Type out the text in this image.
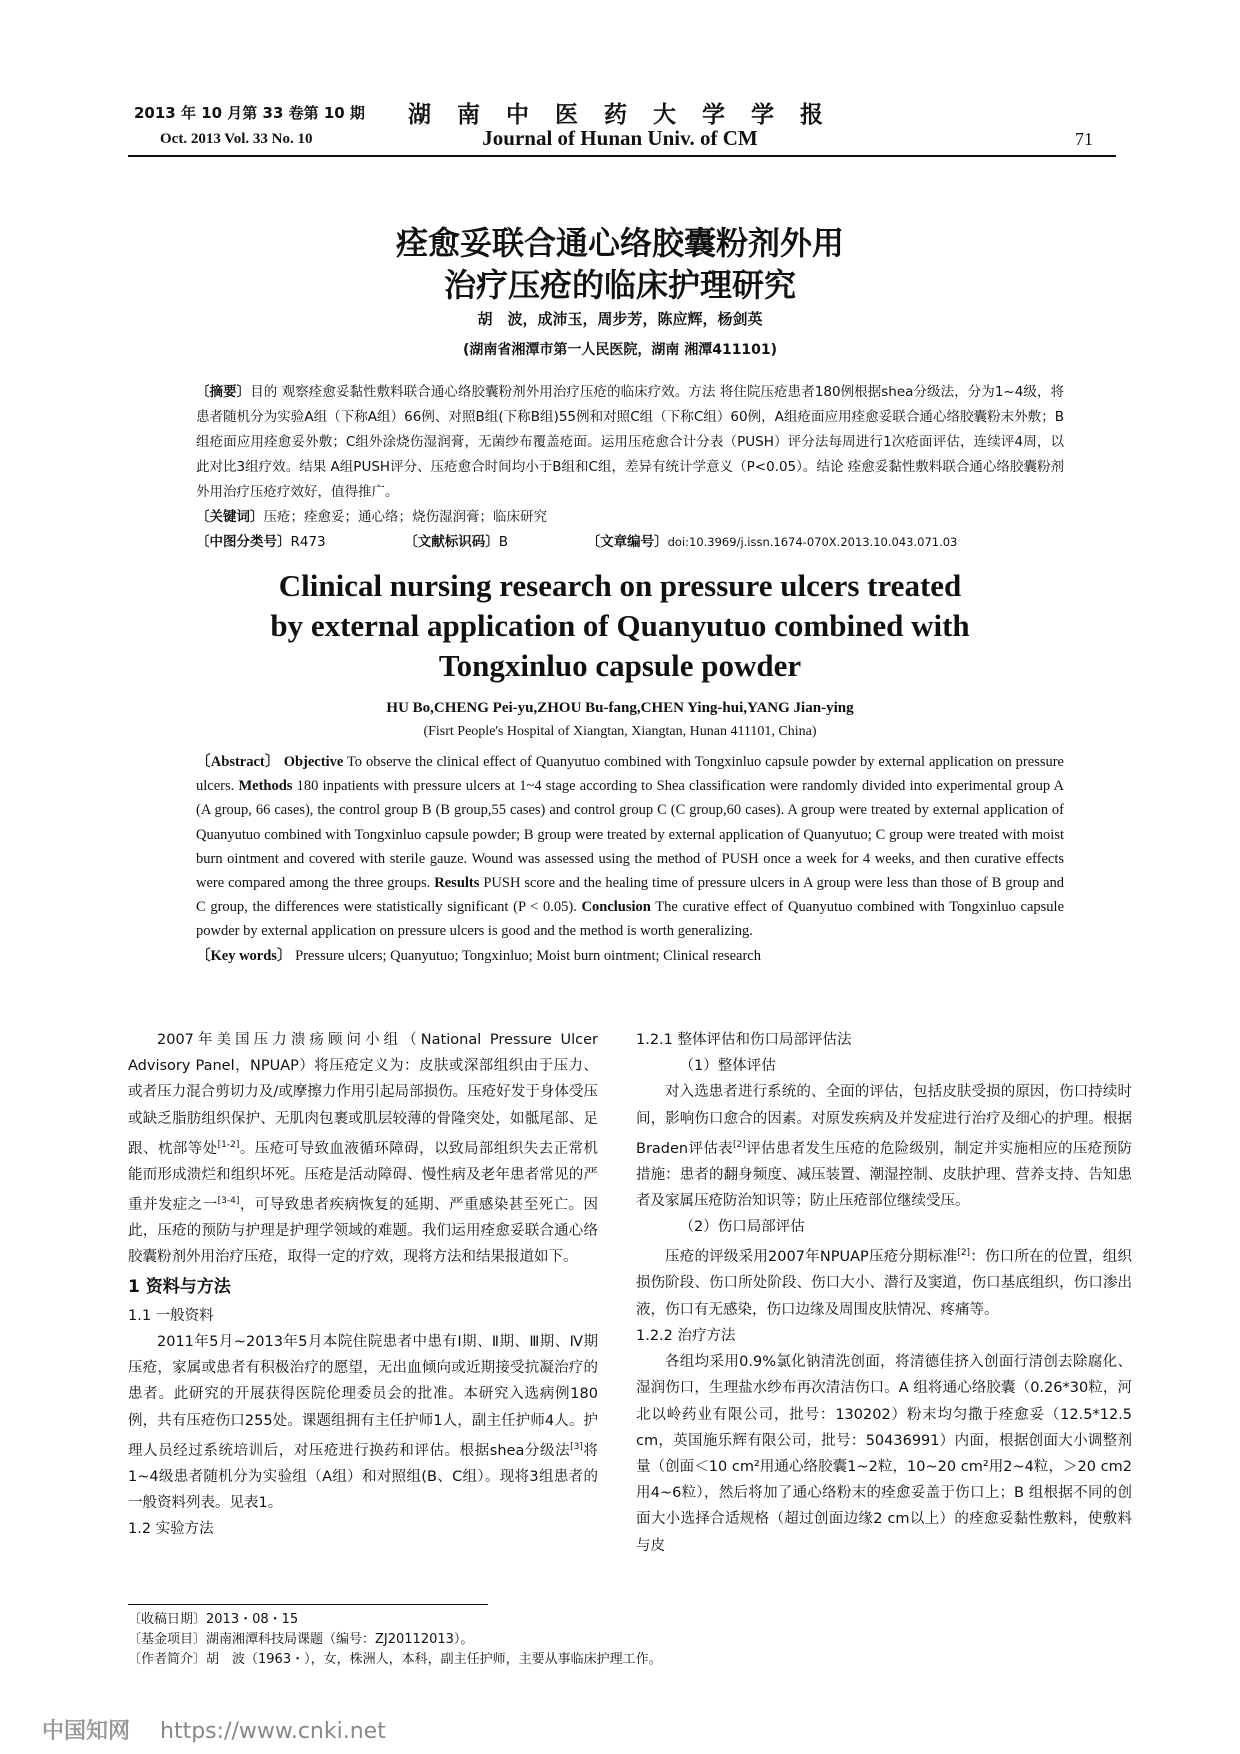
2013 年 10 月第 33 卷第 10 期
Oct. 2013 Vol. 33 No. 10
湖 南 中 医 药 大 学 学 报
Journal of Hunan Univ. of CM	71
痊愈妥联合通心络胶囊粉剂外用
治疗压疮的临床护理研究
胡　波，成沛玉，周步芳，陈应辉，杨剑英
(湖南省湘潭市第一人民医院，湖南 湘潭411101)

〔摘要〕目的 观察痊愈妥黏性敷料联合通心络胶囊粉剂外用治疗压疮的临床疗效。方法 将住院压疮患者180例根据shea分级法，分为1~4级，将患者随机分为实验A组（下称A组）66例、对照B组(下称B组)55例和对照C组（下称C组）60例，A组疮面应用痊愈妥联合通心络胶囊粉末外敷；B组疮面应用痊愈妥外敷；C组外涂烧伤湿润膏，无菌纱布覆盖疮面。运用压疮愈合计分表（PUSH）评分法每周进行1次疮面评估，连续评4周，以此对比3组疗效。结果 A组PUSH评分、压疮愈合时间均小于B组和C组，差异有统计学意义（P<0.05）。结论 痊愈妥黏性敷料联合通心络胶囊粉剂外用治疗压疮疗效好，值得推广。

〔关键词〕压疮；痊愈妥；通心络；烧伤湿润膏；临床研究

〔中图分类号〕R473	〔文献标识码〕B	〔文章编号〕doi:10.3969/j.issn.1674-070X.2013.10.043.071.03

Clinical nursing research on pressure ulcers treated
by external application of Quanyutuo combined with
Tongxinluo capsule powder
HU Bo,CHENG Pei-yu,ZHOU Bu-fang,CHEN Ying-hui,YANG Jian-ying
(Fisrt People's Hospital of Xiangtan, Xiangtan, Hunan 411101, China)

〔Abstract〕 Objective To observe the clinical effect of Quanyutuo combined with Tongxinluo capsule powder by external application on pressure ulcers. Methods 180 inpatients with pressure ulcers at 1~4 stage according to Shea classification were randomly divided into experimental group A (A group, 66 cases), the control group B (B group,55 cases) and control group C (C group,60 cases). A group were treated by external application of Quanyutuo combined with Tongxinluo capsule powder; B group were treated by external application of Quanyutuo; C group were treated with moist burn ointment and covered with sterile gauze. Wound was assessed using the method of PUSH once a week for 4 weeks, and then curative effects were compared among the three groups. Results PUSH score and the healing time of pressure ulcers in A group were less than those of B group and C group, the differences were statistically significant (P < 0.05). Conclusion The curative effect of Quanyutuo combined with Tongxinluo capsule powder by external application on pressure ulcers is good and the method is worth generalizing.

〔Key words〕 Pressure ulcers; Quanyutuo; Tongxinluo; Moist burn ointment; Clinical research

2007年美国压力溃疡顾问小组（National Pressure Ulcer Advisory Panel，NPUAP）将压疮定义为：皮肤或深部组织由于压力、或者压力混合剪切力及/或摩擦力作用引起局部损伤。压疮好发于身体受压或缺乏脂肪组织保护、无肌肉包裹或肌层较薄的骨隆突处，如骶尾部、足跟、枕部等处[1-2]。压疮可导致血液循环障碍，以致局部组织失去正常机能而形成溃烂和组织坏死。压疮是活动障碍、慢性病及老年患者常见的严重并发症之一[3-4]，可导致患者疾病恢复的延期、严重感染甚至死亡。因此，压疮的预防与护理是护理学领域的难题。我们运用痊愈妥联合通心络胶囊粉剂外用治疗压疮，取得一定的疗效，现将方法和结果报道如下。

1 资料与方法
1.1 一般资料

2011年5月~2013年5月本院住院患者中患有Ⅰ期、Ⅱ期、Ⅲ期、Ⅳ期压疮，家属或患者有积极治疗的愿望，无出血倾向或近期接受抗凝治疗的患者。此研究的开展获得医院伦理委员会的批准。本研究入选病例180例，共有压疮伤口255处。课题组拥有主任护师1人，副主任护师4人。护理人员经过系统培训后，对压疮进行换药和评估。根据shea分级法[3]将1~4级患者随机分为实验组（A组）和对照组(B、C组）。现将3组患者的一般资料列表。见表1。

1.2 实验方法
1.2.1 整体评估和伤口局部评估法
（1）整体评估

对入选患者进行系统的、全面的评估，包括皮肤受损的原因，伤口持续时间，影响伤口愈合的因素。对原发疾病及并发症进行治疗及细心的护理。根据Braden评估表[2]评估患者发生压疮的危险级别，制定并实施相应的压疮预防措施：患者的翻身频度、减压装置、潮湿控制、皮肤护理、营养支持、告知患者及家属压疮防治知识等；防止压疮部位继续受压。

（2）伤口局部评估

压疮的评级采用2007年NPUAP压疮分期标准[2]：伤口所在的位置，组织损伤阶段、伤口所处阶段、伤口大小、潜行及窦道，伤口基底组织，伤口渗出液，伤口有无感染，伤口边缘及周围皮肤情况、疼痛等。

1.2.2 治疗方法

各组均采用0.9%氯化钠清洗创面，将清德佳挤入创面行清创去除腐化、湿润伤口，生理盐水纱布再次清洁伤口。A 组将通心络胶囊（0.26*30粒，河北以岭药业有限公司，批号：130202）粉末均匀撒于痊愈妥（12.5*12.5 cm，英国施乐辉有限公司，批号：50436991）内面，根据创面大小调整剂量（创面＜10 cm²用通心络胶囊1~2粒，10~20 cm²用2~4粒，＞20 cm2用4~6粒），然后将加了通心络粉末的痊愈妥盖于伤口上；B 组根据不同的创面大小选择合适规格（超过创面边缘2 cm以上）的痊愈妥黏性敷料，使敷料与皮

〔收稿日期〕2013・08・15
〔基金项目〕湖南湘潭科技局课题（编号：ZJ20112013）。
〔作者简介〕胡　波（1963・），女，株洲人，本科，副主任护师，主要从事临床护理工作。
中国知网 https://www.cnki.net
